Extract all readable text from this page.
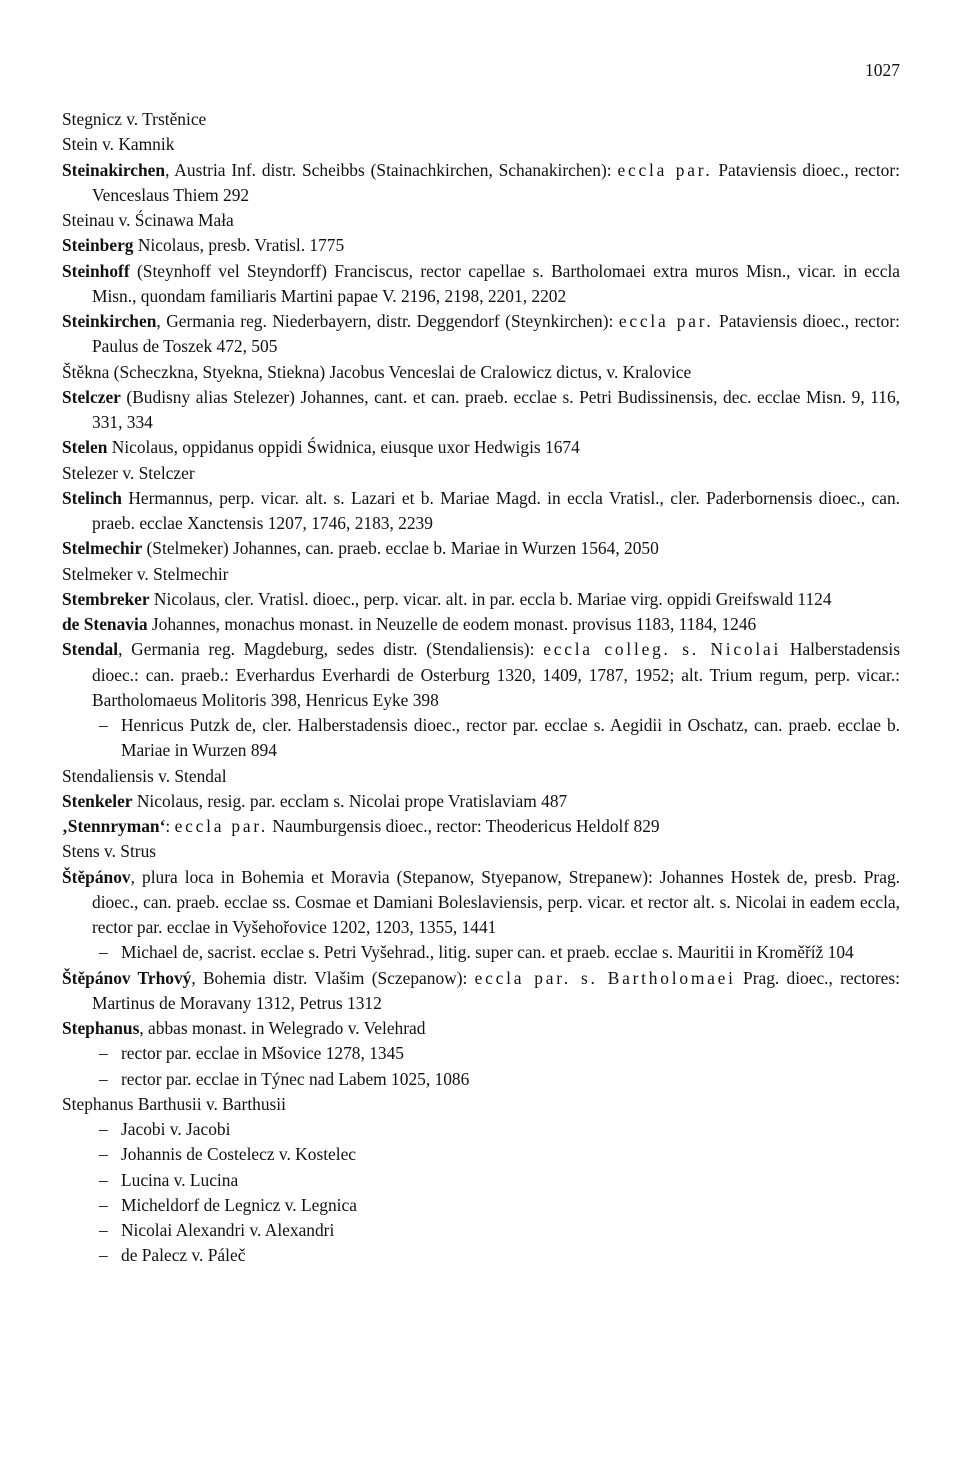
1027

Stegnicz v. Trstěnice

Stein v. Kamnik

Steinakirchen, Austria Inf. distr. Scheibbs (Stainachkirchen, Schanakirchen): eccla par. Pataviensis dioec., rector: Venceslaus Thiem 292

Steinau v. Ścinawa Mała

Steinberg Nicolaus, presb. Vratisl. 1775

Steinhoff (Steynhoff vel Steyndorff) Franciscus, rector capellae s. Bartholomaei extra muros Misn., vicar. in eccla Misn., quondam familiaris Martini papae V. 2196, 2198, 2201, 2202

Steinkirchen, Germania reg. Niederbayern, distr. Deggendorf (Steynkirchen): eccla par. Pataviensis dioec., rector: Paulus de Toszek 472, 505

Štěkna (Scheczkna, Styekna, Stiekna) Jacobus Venceslai de Cralowicz dictus, v. Kralovice

Stelczer (Budisny alias Stelezer) Johannes, cant. et can. praeb. ecclae s. Petri Budissinensis, dec. ecclae Misn. 9, 116, 331, 334

Stelen Nicolaus, oppidanus oppidi Świdnica, eiusque uxor Hedwigis 1674

Stelezer v. Stelczer

Stelinch Hermannus, perp. vicar. alt. s. Lazari et b. Mariae Magd. in eccla Vratisl., cler. Paderbornensis dioec., can. praeb. ecclae Xanctensis 1207, 1746, 2183, 2239

Stelmechir (Stelmeker) Johannes, can. praeb. ecclae b. Mariae in Wurzen 1564, 2050

Stelmeker v. Stelmechir

Stembreker Nicolaus, cler. Vratisl. dioec., perp. vicar. alt. in par. eccla b. Mariae virg. oppidi Greifswald 1124

de Stenavia Johannes, monachus monast. in Neuzelle de eodem monast. provisus 1183, 1184, 1246

Stendal, Germania reg. Magdeburg, sedes distr. (Stendaliensis): eccla colleg. s. Nicolai Halberstadensis dioec.: can. praeb.: Everhardus Everhardi de Osterburg 1320, 1409, 1787, 1952; alt. Trium regum, perp. vicar.: Bartholomaeus Molitoris 398, Henricus Eyke 398

– Henricus Putzk de, cler. Halberstadensis dioec., rector par. ecclae s. Aegidii in Oschatz, can. praeb. ecclae b. Mariae in Wurzen 894

Stendaliensis v. Stendal

Stenkeler Nicolaus, resig. par. ecclam s. Nicolai prope Vratislaviam 487

‚Stennryman‘: eccla par. Naumburgensis dioec., rector: Theodericus Heldolf 829

Stens v. Strus

Štěpánov, plura loca in Bohemia et Moravia (Stepanow, Styepanow, Strepanew): Johannes Hostek de, presb. Prag. dioec., can. praeb. ecclae ss. Cosmae et Damiani Boleslaviensis, perp. vicar. et rector alt. s. Nicolai in eadem eccla, rector par. ecclae in Vyšehořovice 1202, 1203, 1355, 1441

– Michael de, sacrist. ecclae s. Petri Vyšehrad., litig. super can. et praeb. ecclae s. Mauritii in Kroměříž 104

Štěpánov Trhový, Bohemia distr. Vlašim (Sczepanow): eccla par. s. Bartholomaei Prag. dioec., rectores: Martinus de Moravany 1312, Petrus 1312

Stephanus, abbas monast. in Welegrado v. Velehrad

– rector par. ecclae in Mšovice 1278, 1345

– rector par. ecclae in Týnec nad Labem 1025, 1086

Stephanus Barthusii v. Barthusii

– Jacobi v. Jacobi

– Johannis de Costelecz v. Kostelec

– Lucina v. Lucina

– Micheldorf de Legnicz v. Legnica

– Nicolai Alexandri v. Alexandri

– de Palecz v. Páleč
